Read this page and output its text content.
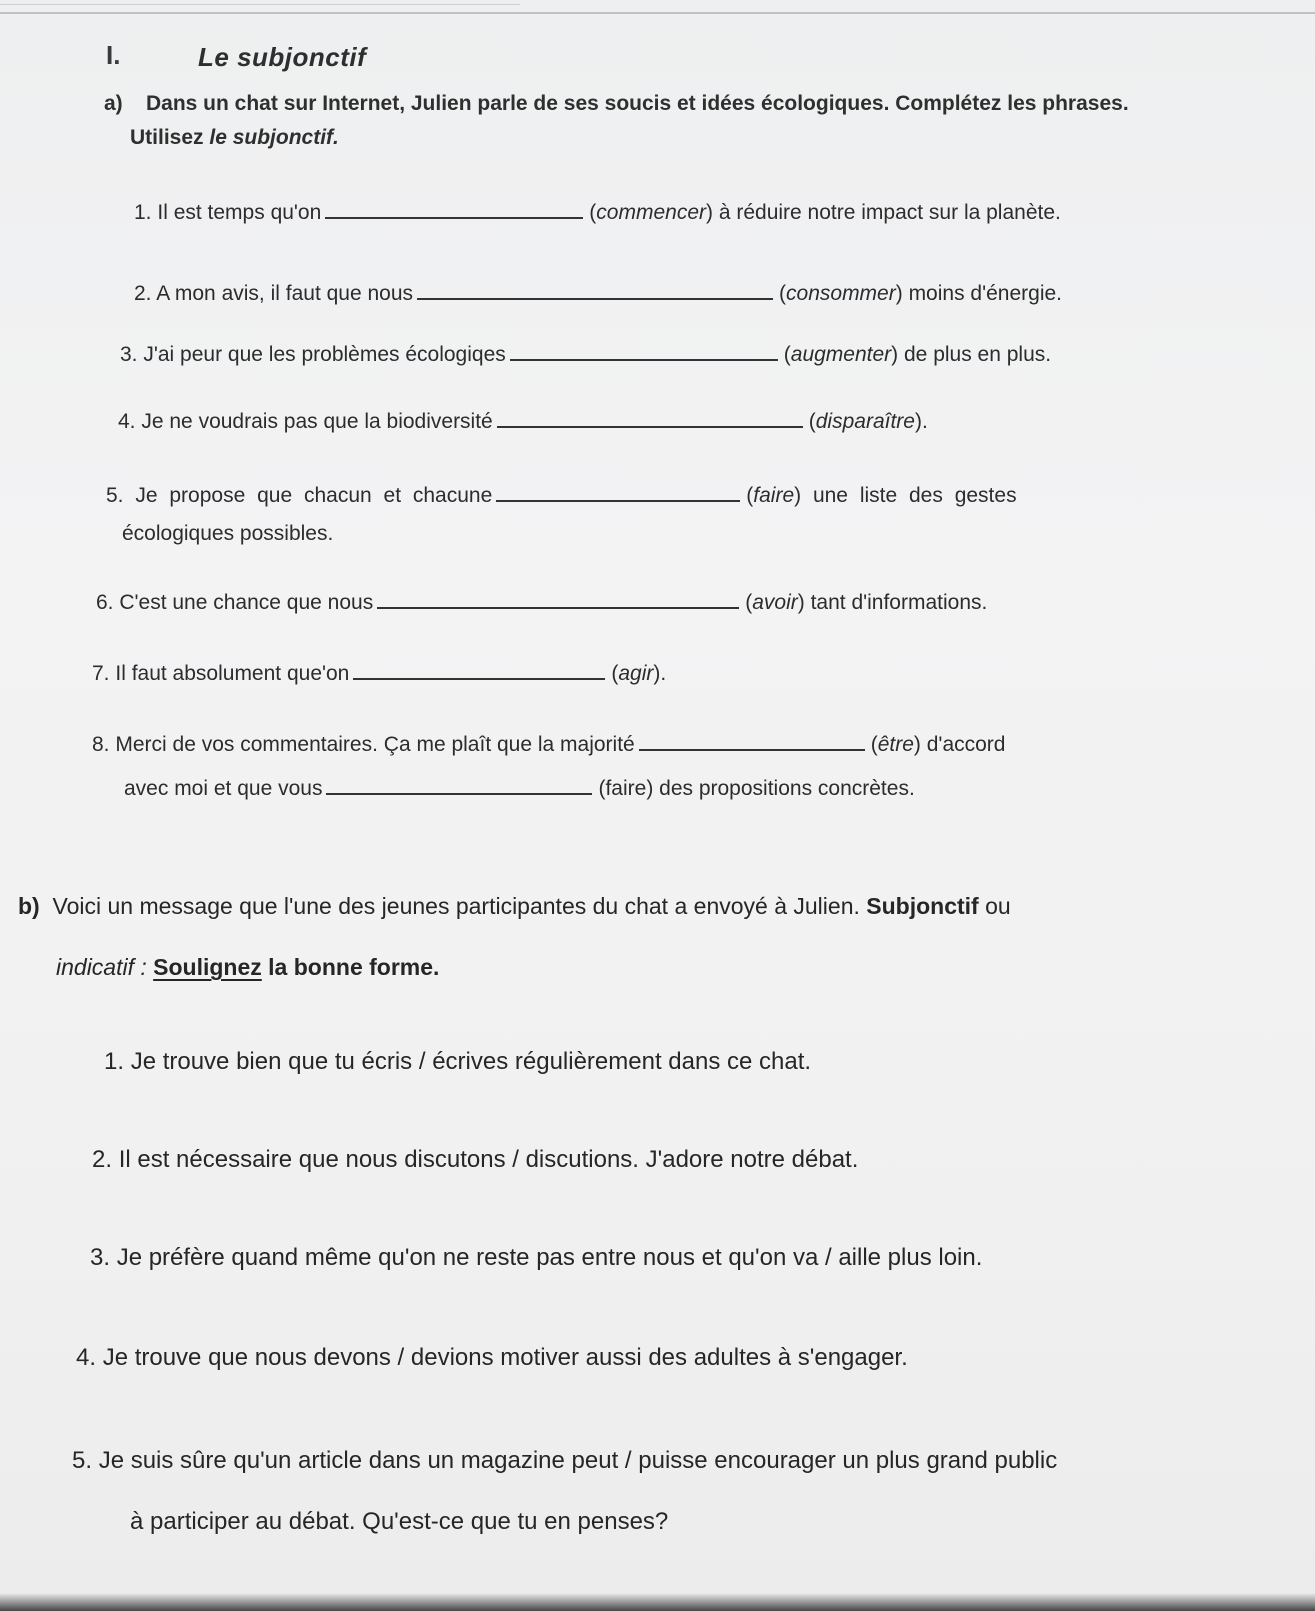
I.	Le subjonctif
a) Dans un chat sur Internet, Julien parle de ses soucis et idées écologiques. Complétez les phrases.
Utilisez le subjonctif.
1. Il est temps qu'on	(commencer) à réduire notre impact sur la planète.
2. A mon avis, il faut que nous	(consommer) moins d'énergie.
3. J'ai peur que les problèmes écologiqes	(augmenter) de plus en plus.
4. Je ne voudrais pas que la biodiversité	(disparaître).
5. Je propose que chacun et chacune	(faire) une liste des gestes
écologiques possibles.
6. C'est une chance que nous	(avoir) tant d'informations.
7. Il faut absolument que'on	(agir).
8. Merci de vos commentaires. Ça me plaît que la majorité	(être) d'accord
avec moi et que vous	(faire) des propositions concrètes.
b) Voici un message que l'une des jeunes participantes du chat a envoyé à Julien. Subjonctif ou
indicatif : Soulignez la bonne forme.
1. Je trouve bien que tu écris / écrives régulièrement dans ce chat.
2. Il est nécessaire que nous discutons / discutions. J'adore notre débat.
3. Je préfère quand même qu'on ne reste pas entre nous et qu'on va / aille plus loin.
4. Je trouve que nous devons / devions motiver aussi des adultes à s'engager.
5. Je suis sûre qu'un article dans un magazine peut / puisse encourager un plus grand public
à participer au débat. Qu'est-ce que tu en penses?
